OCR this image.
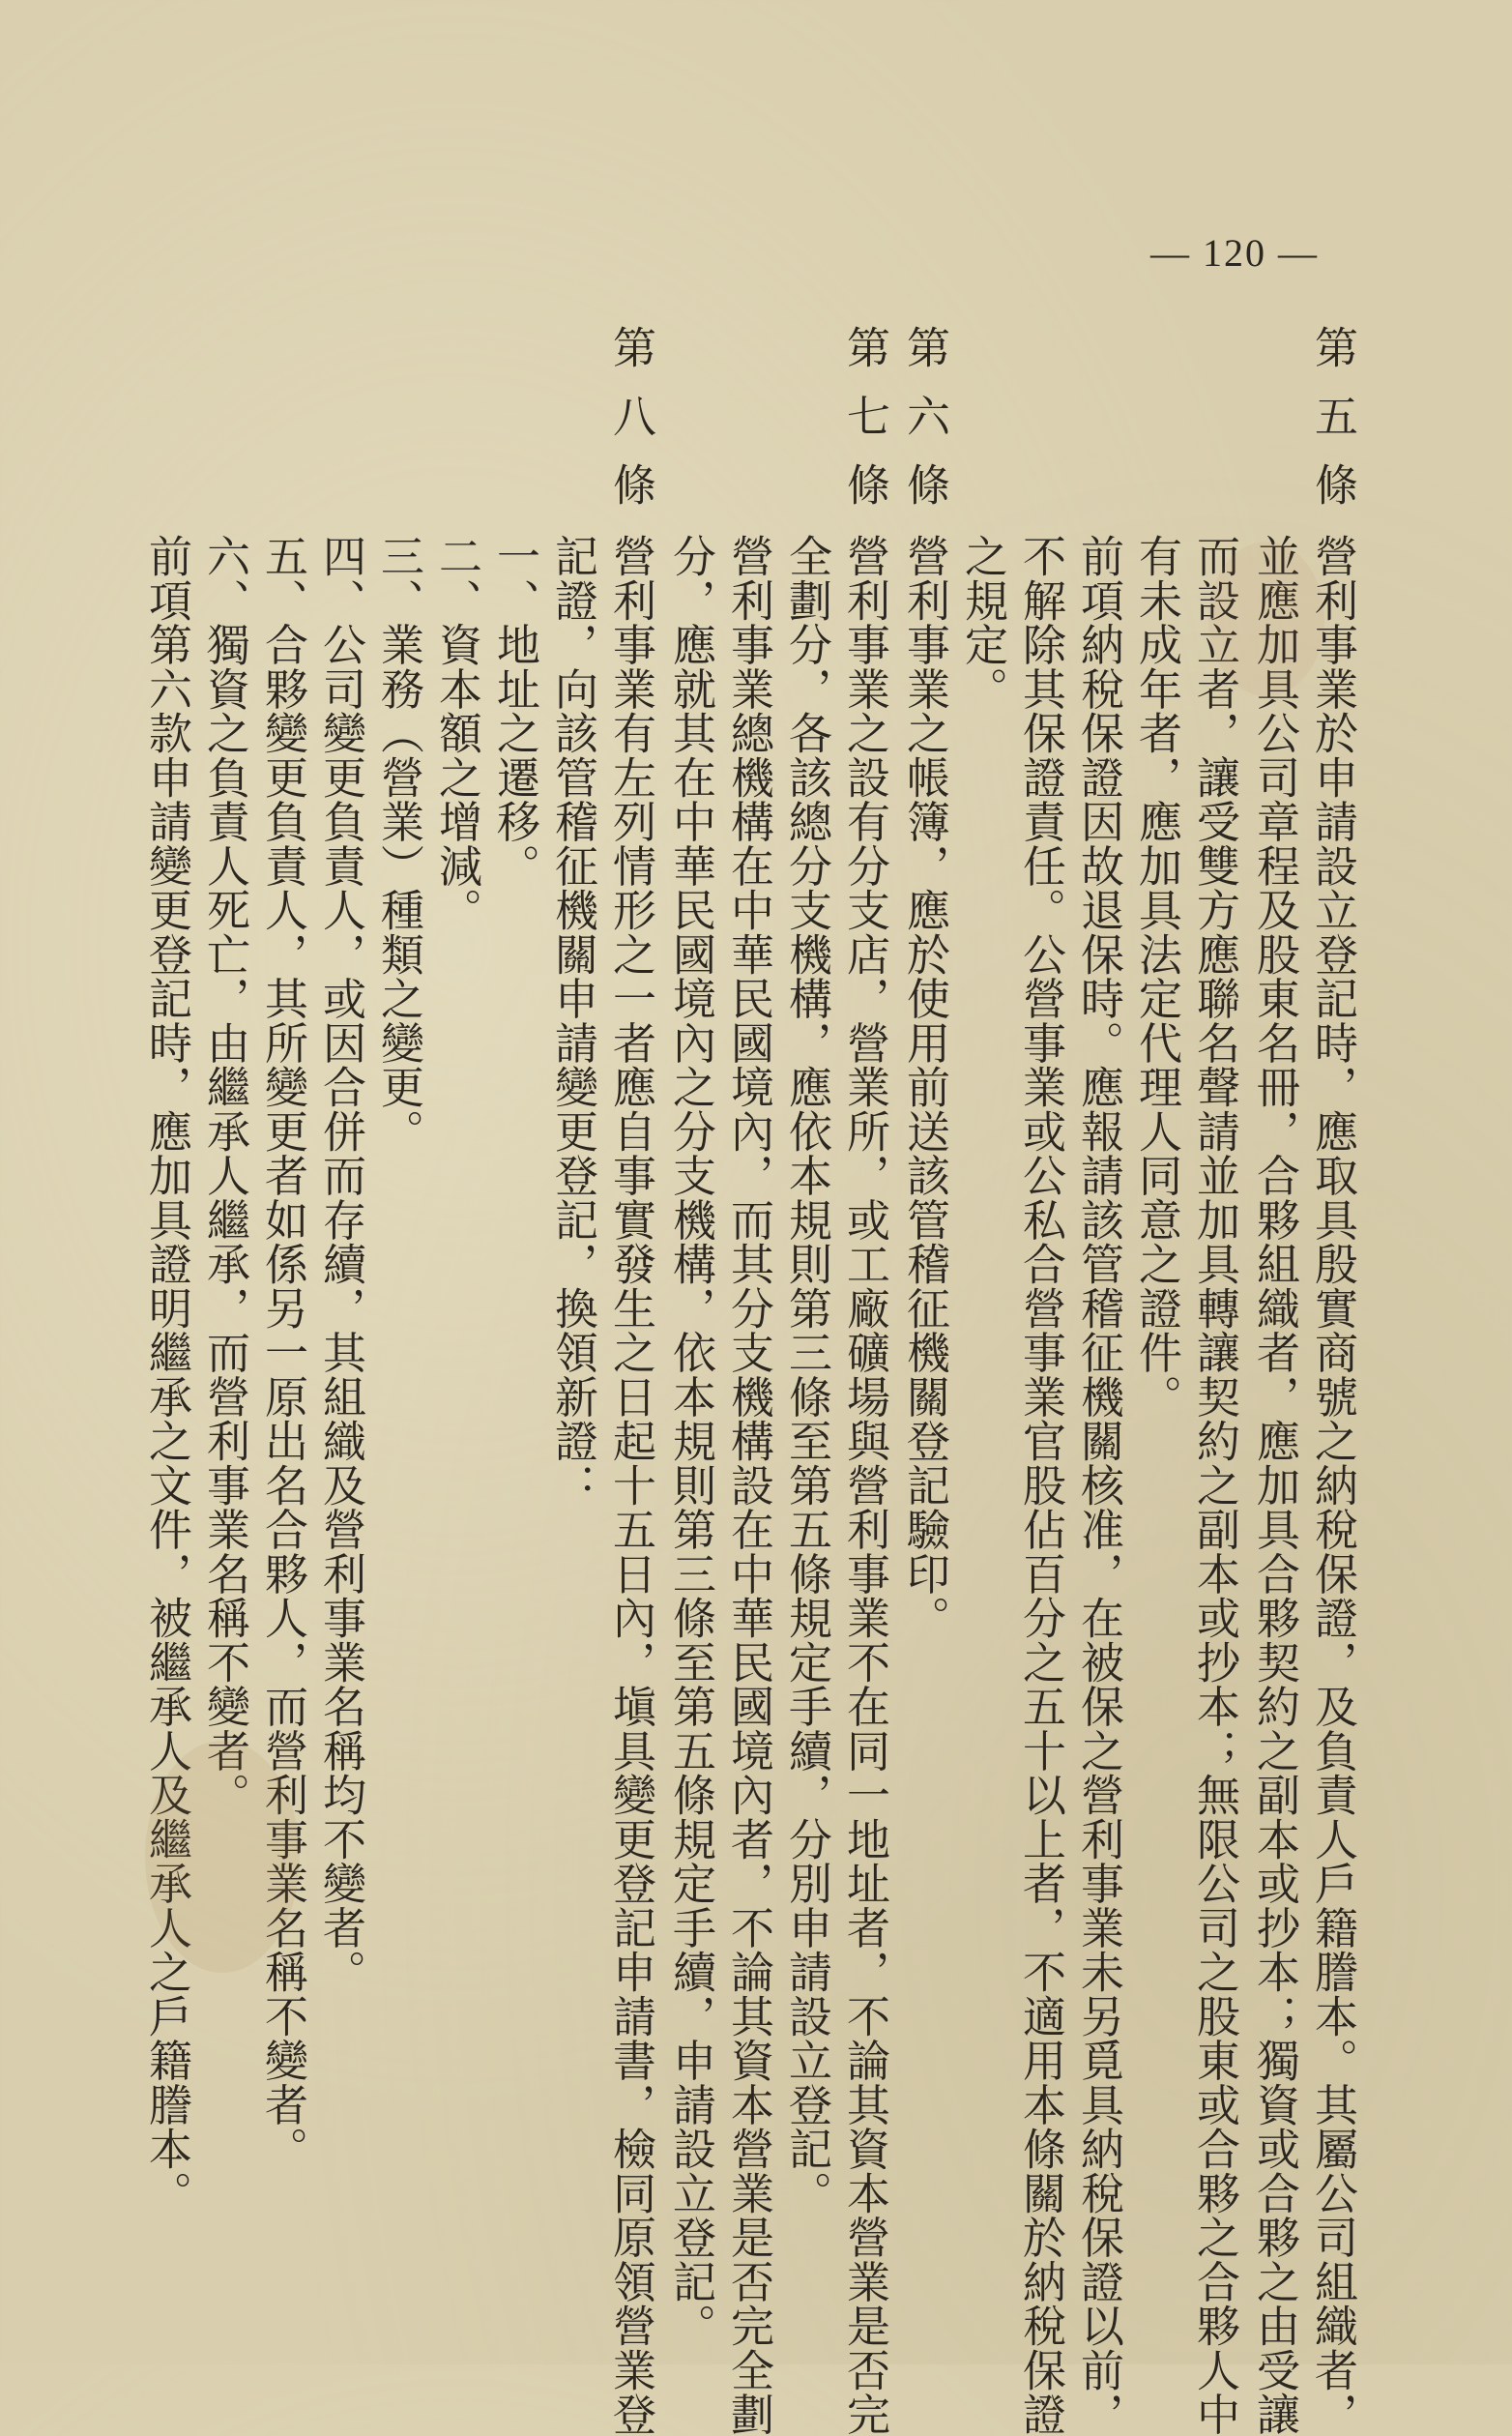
— 120 —
第五條
營利事業於申請設立登記時，應取具殷實商號之納稅保證，及負責人戶籍謄本。其屬公司組織者，
並應加具公司章程及股東名冊，合夥組織者，應加具合夥契約之副本或抄本；獨資或合夥之由受讓
而設立者，讓受雙方應聯名聲請並加具轉讓契約之副本或抄本；無限公司之股東或合夥之合夥人中
有未成年者，應加具法定代理人同意之證件。
前項納稅保證因故退保時。應報請該管稽征機關核准，在被保之營利事業未另覓具納稅保證以前，
不解除其保證責任。公營事業或公私合營事業官股佔百分之五十以上者，不適用本條關於納稅保證
之規定。
第六條
營利事業之帳簿，應於使用前送該管稽征機關登記驗印。
第七條
營利事業之設有分支店，營業所，或工廠礦場與營利事業不在同一地址者，不論其資本營業是否完
全劃分，各該總分支機構，應依本規則第三條至第五條規定手續，分別申請設立登記。
營利事業總機構在中華民國境內，而其分支機構設在中華民國境內者，不論其資本營業是否完全劃
分，應就其在中華民國境內之分支機構，依本規則第三條至第五條規定手續，申請設立登記。
第八條
營利事業有左列情形之一者應自事實發生之日起十五日內，塡具變更登記申請書，檢同原領營業登
記證，向該管稽征機關申請變更登記，換領新證：
一、地址之遷移。
二、資本額之增減。
三、業務（營業）種類之變更。
四、公司變更負責人，或因合併而存續，其組織及營利事業名稱均不變者。
五、合夥變更負責人，其所變更者如係另一原出名合夥人，而營利事業名稱不變者。
六、獨資之負責人死亡，由繼承人繼承，而營利事業名稱不變者。
前項第六款申請變更登記時，應加具證明繼承之文件，被繼承人及繼承人之戶籍謄本。
